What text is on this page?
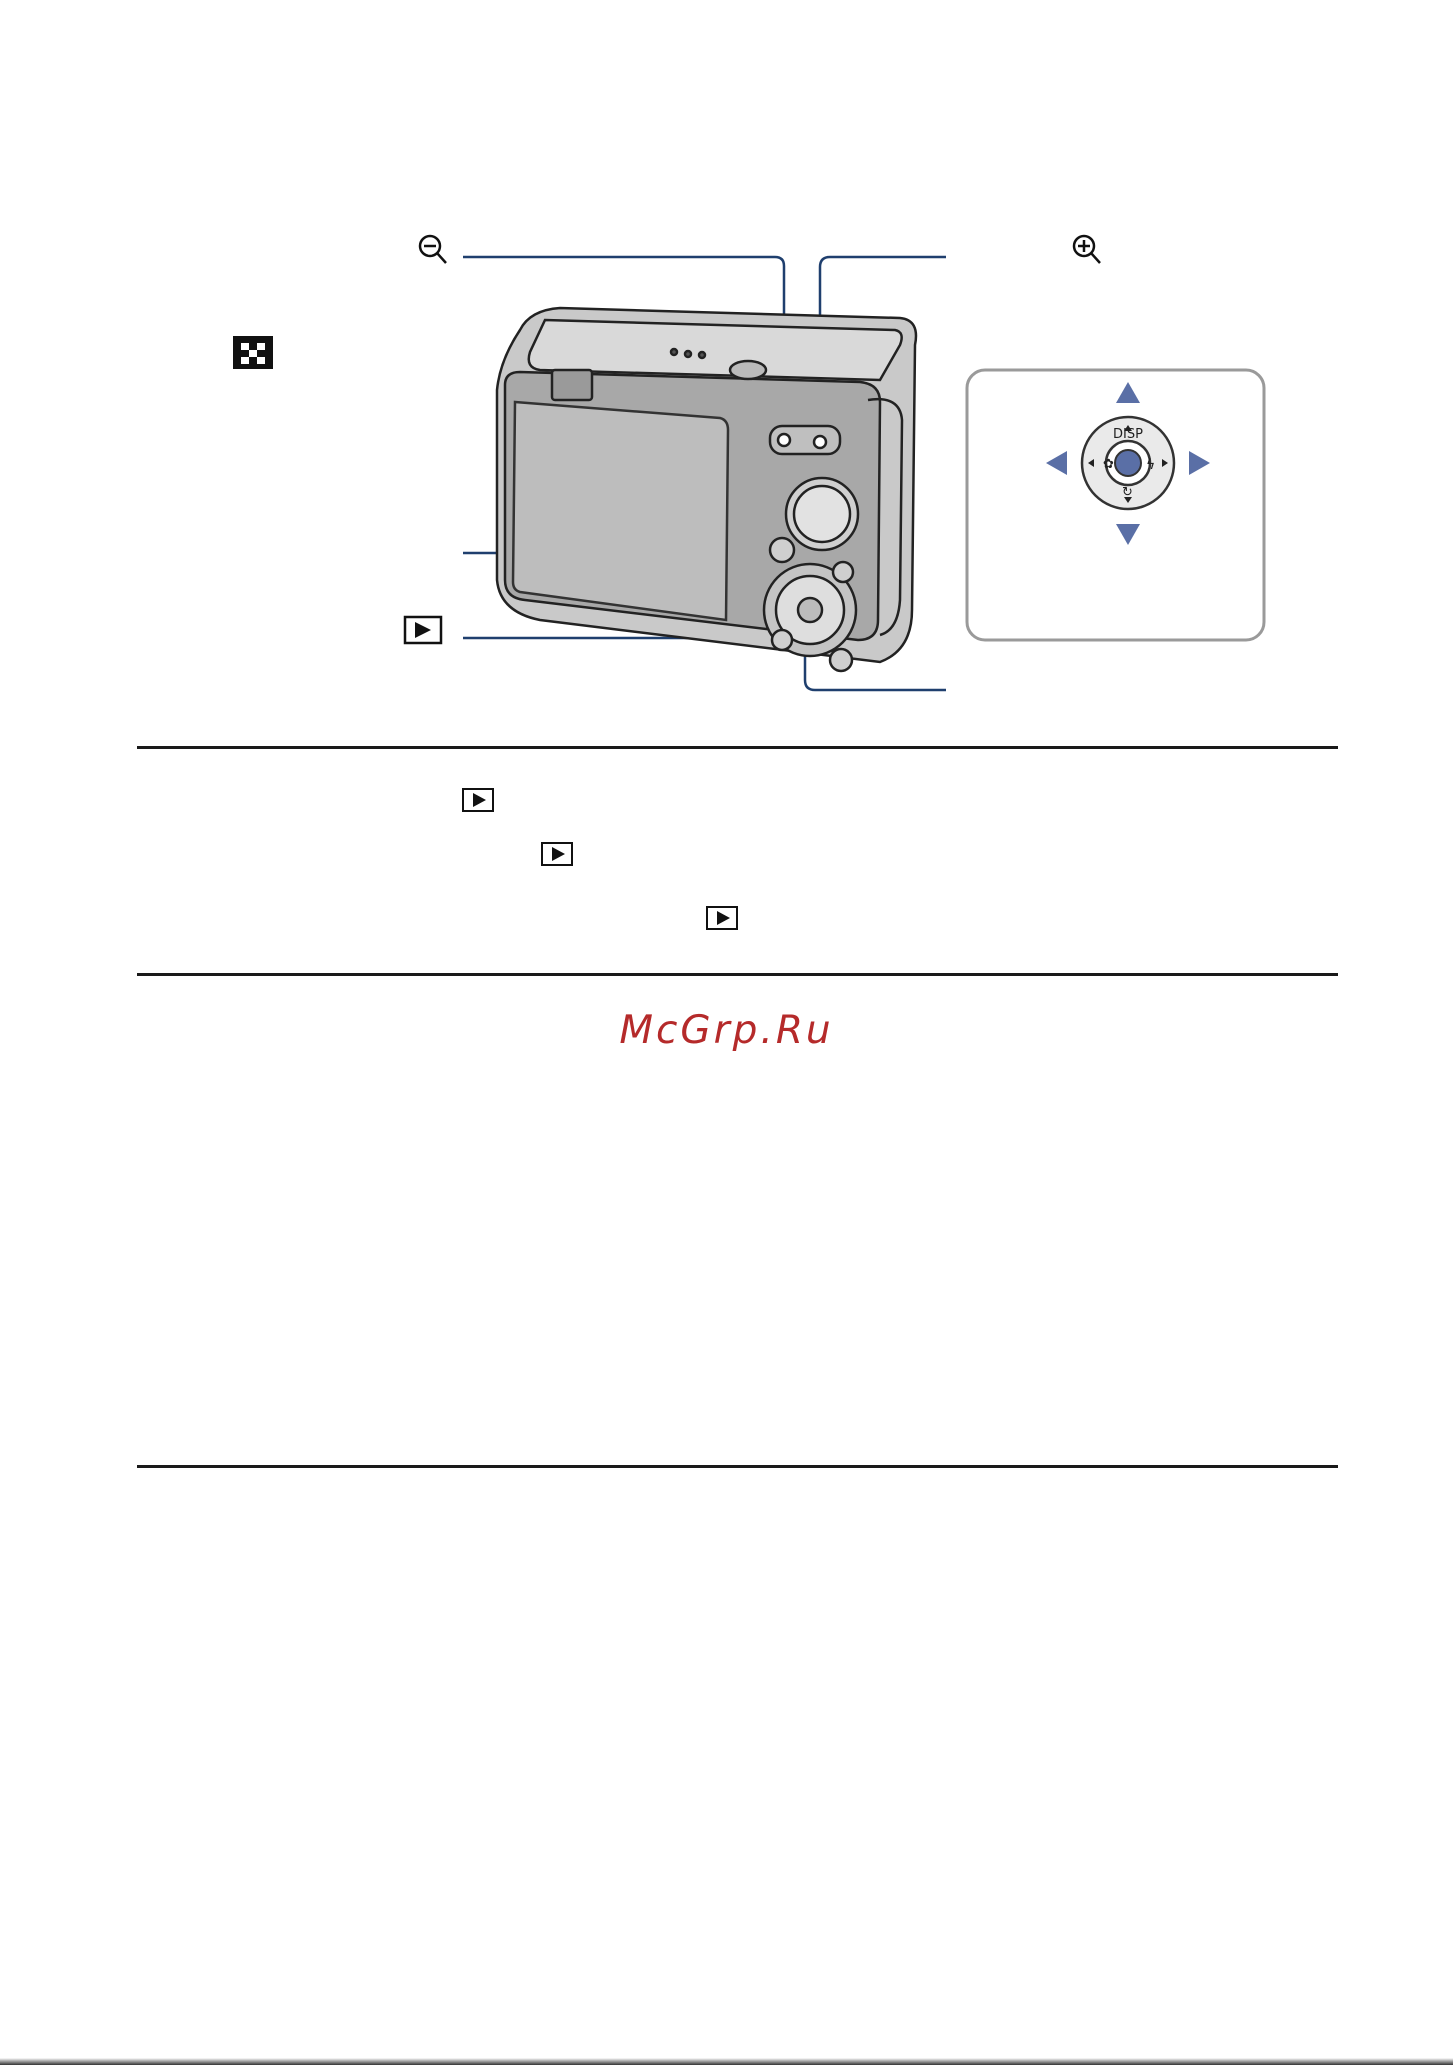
✿ ϟ
↻
DISP
McGrp.Ru
